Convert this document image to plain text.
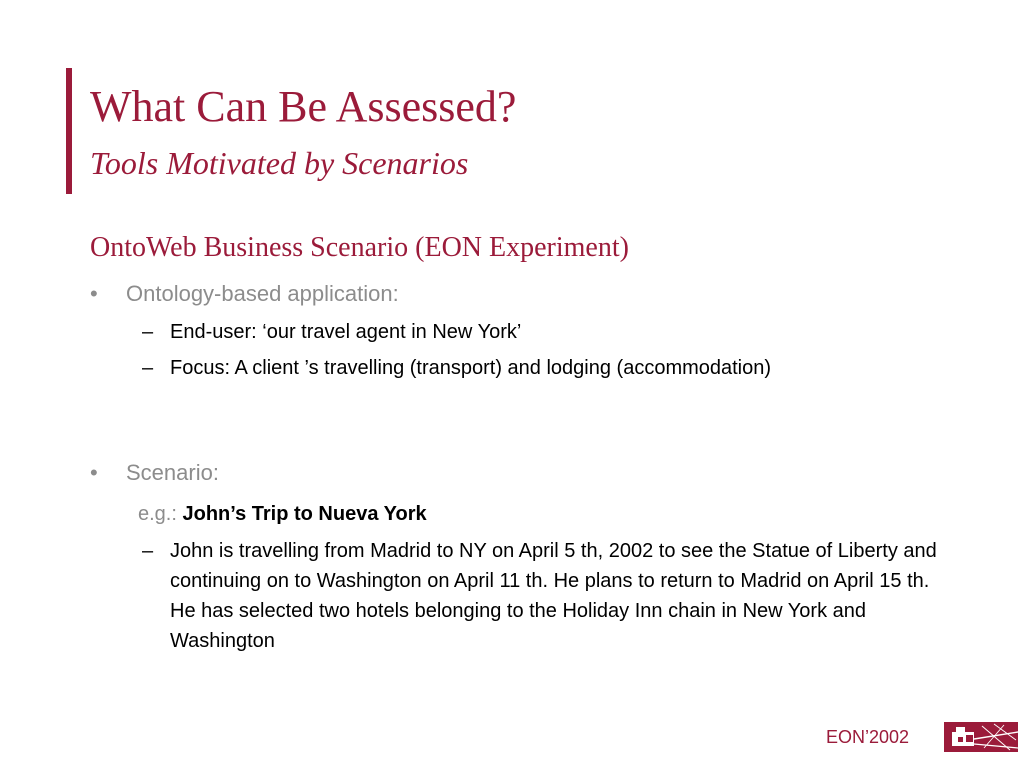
What Can Be Assessed?
Tools Motivated by Scenarios
OntoWeb Business Scenario (EON Experiment)
• Ontology-based application:
– End-user: ‘our travel agent in New York’
– Focus: A client ’s travelling (transport) and lodging (accommodation)
• Scenario:
e.g.: John’s Trip to Nueva York
– John is travelling from Madrid to NY on April 5 th, 2002 to see the Statue of Liberty and continuing on to Washington on April 11 th. He plans to return to Madrid on April 15 th. He has selected two hotels belonging to the Holiday Inn chain in New York and Washington
EON’2002
